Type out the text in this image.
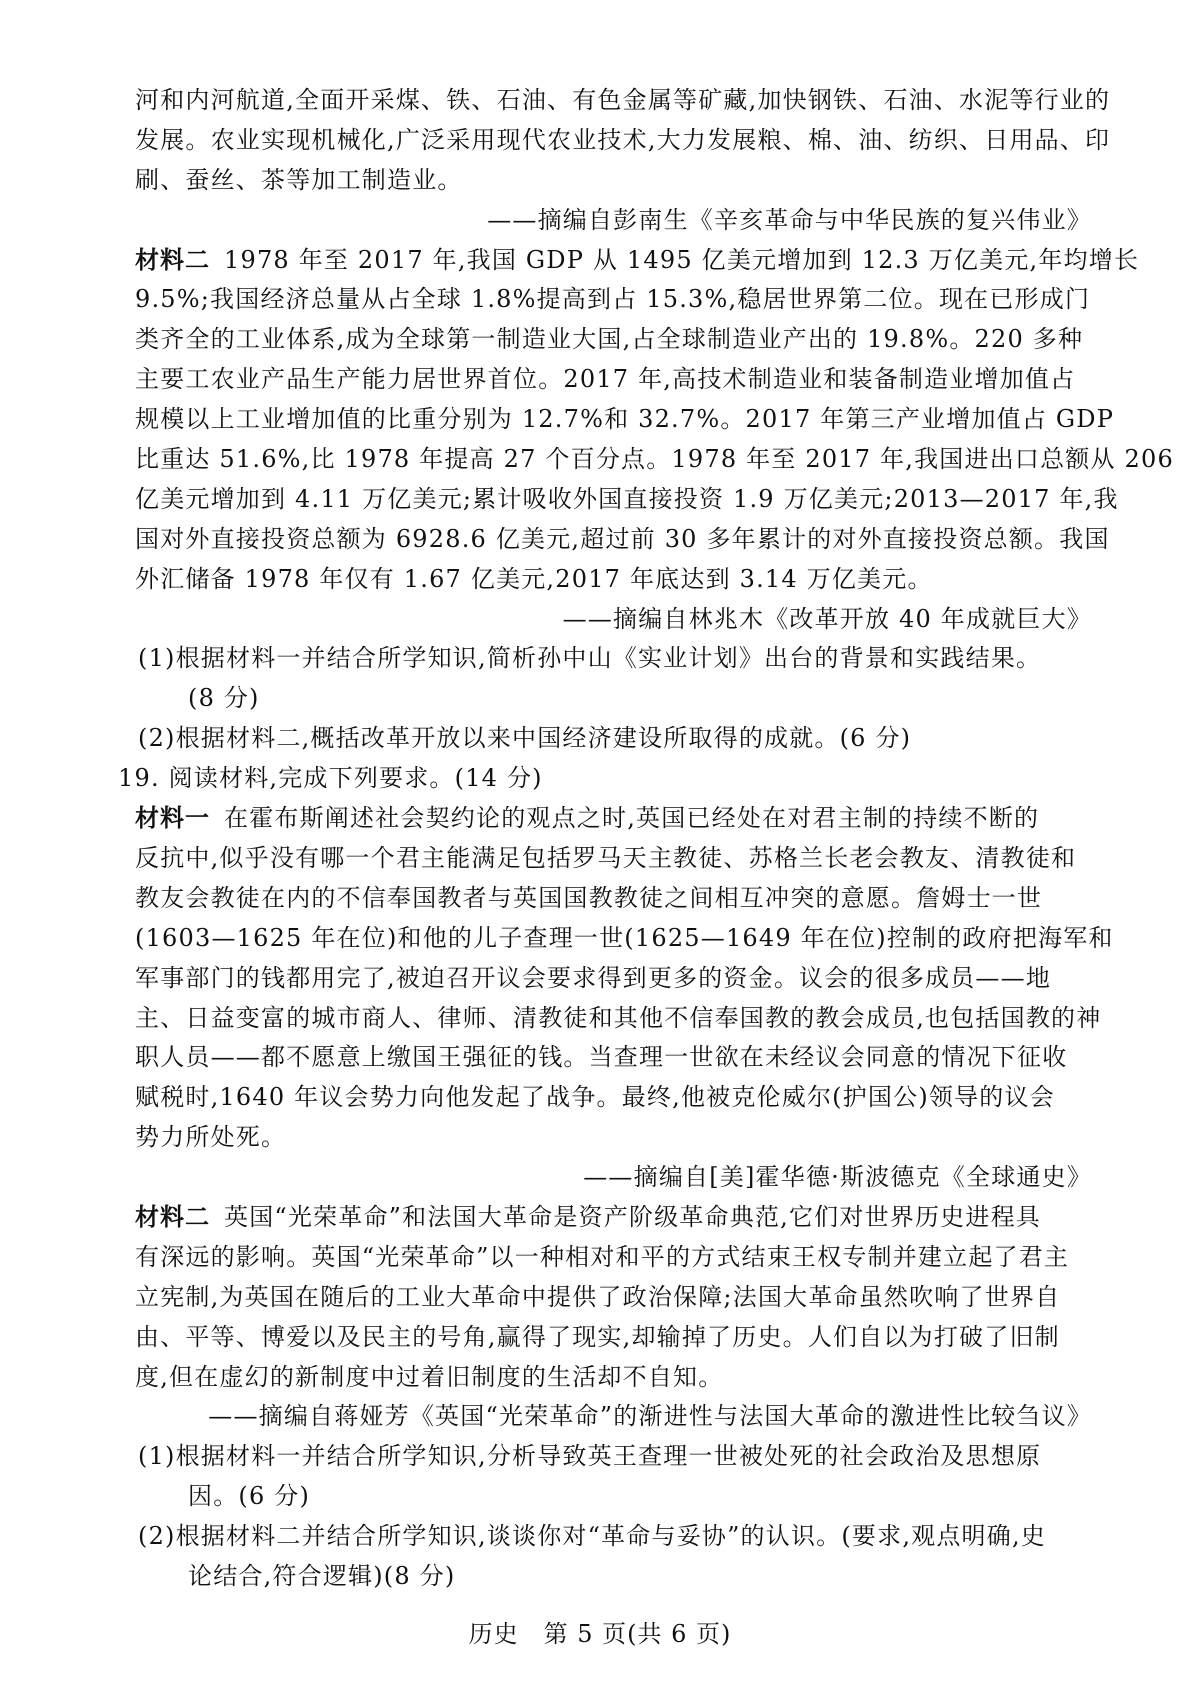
河和内河航道,全面开采煤、铁、石油、有色金属等矿藏,加快钢铁、石油、水泥等行业的
发展。农业实现机械化,广泛采用现代农业技术,大力发展粮、棉、油、纺织、日用品、印
刷、蚕丝、茶等加工制造业。
——摘编自彭南生《辛亥革命与中华民族的复兴伟业》
材料二 1978 年至 2017 年,我国 GDP 从 1495 亿美元增加到 12.3 万亿美元,年均增长
9.5%;我国经济总量从占全球 1.8%提高到占 15.3%,稳居世界第二位。现在已形成门
类齐全的工业体系,成为全球第一制造业大国,占全球制造业产出的 19.8%。220 多种
主要工农业产品生产能力居世界首位。2017 年,高技术制造业和装备制造业增加值占
规模以上工业增加值的比重分别为 12.7%和 32.7%。2017 年第三产业增加值占 GDP
比重达 51.6%,比 1978 年提高 27 个百分点。1978 年至 2017 年,我国进出口总额从 206
亿美元增加到 4.11 万亿美元;累计吸收外国直接投资 1.9 万亿美元;2013—2017 年,我
国对外直接投资总额为 6928.6 亿美元,超过前 30 多年累计的对外直接投资总额。我国
外汇储备 1978 年仅有 1.67 亿美元,2017 年底达到 3.14 万亿美元。
——摘编自林兆木《改革开放 40 年成就巨大》
(1)根据材料一并结合所学知识,简析孙中山《实业计划》出台的背景和实践结果。
(8 分)
(2)根据材料二,概括改革开放以来中国经济建设所取得的成就。(6 分)
19. 阅读材料,完成下列要求。(14 分)
材料一 在霍布斯阐述社会契约论的观点之时,英国已经处在对君主制的持续不断的
反抗中,似乎没有哪一个君主能满足包括罗马天主教徒、苏格兰长老会教友、清教徒和
教友会教徒在内的不信奉国教者与英国国教教徒之间相互冲突的意愿。詹姆士一世
(1603—1625 年在位)和他的儿子查理一世(1625—1649 年在位)控制的政府把海军和
军事部门的钱都用完了,被迫召开议会要求得到更多的资金。议会的很多成员——地
主、日益变富的城市商人、律师、清教徒和其他不信奉国教的教会成员,也包括国教的神
职人员——都不愿意上缴国王强征的钱。当查理一世欲在未经议会同意的情况下征收
赋税时,1640 年议会势力向他发起了战争。最终,他被克伦威尔(护国公)领导的议会
势力所处死。
——摘编自[美]霍华德·斯波德克《全球通史》
材料二 英国“光荣革命”和法国大革命是资产阶级革命典范,它们对世界历史进程具
有深远的影响。英国“光荣革命”以一种相对和平的方式结束王权专制并建立起了君主
立宪制,为英国在随后的工业大革命中提供了政治保障;法国大革命虽然吹响了世界自
由、平等、博爱以及民主的号角,赢得了现实,却输掉了历史。人们自以为打破了旧制
度,但在虚幻的新制度中过着旧制度的生活却不自知。
——摘编自蒋娅芳《英国“光荣革命”的渐进性与法国大革命的激进性比较刍议》
(1)根据材料一并结合所学知识,分析导致英王查理一世被处死的社会政治及思想原
因。(6 分)
(2)根据材料二并结合所学知识,谈谈你对“革命与妥协”的认识。(要求,观点明确,史
论结合,符合逻辑)(8 分)
历史　第 5 页(共 6 页)
